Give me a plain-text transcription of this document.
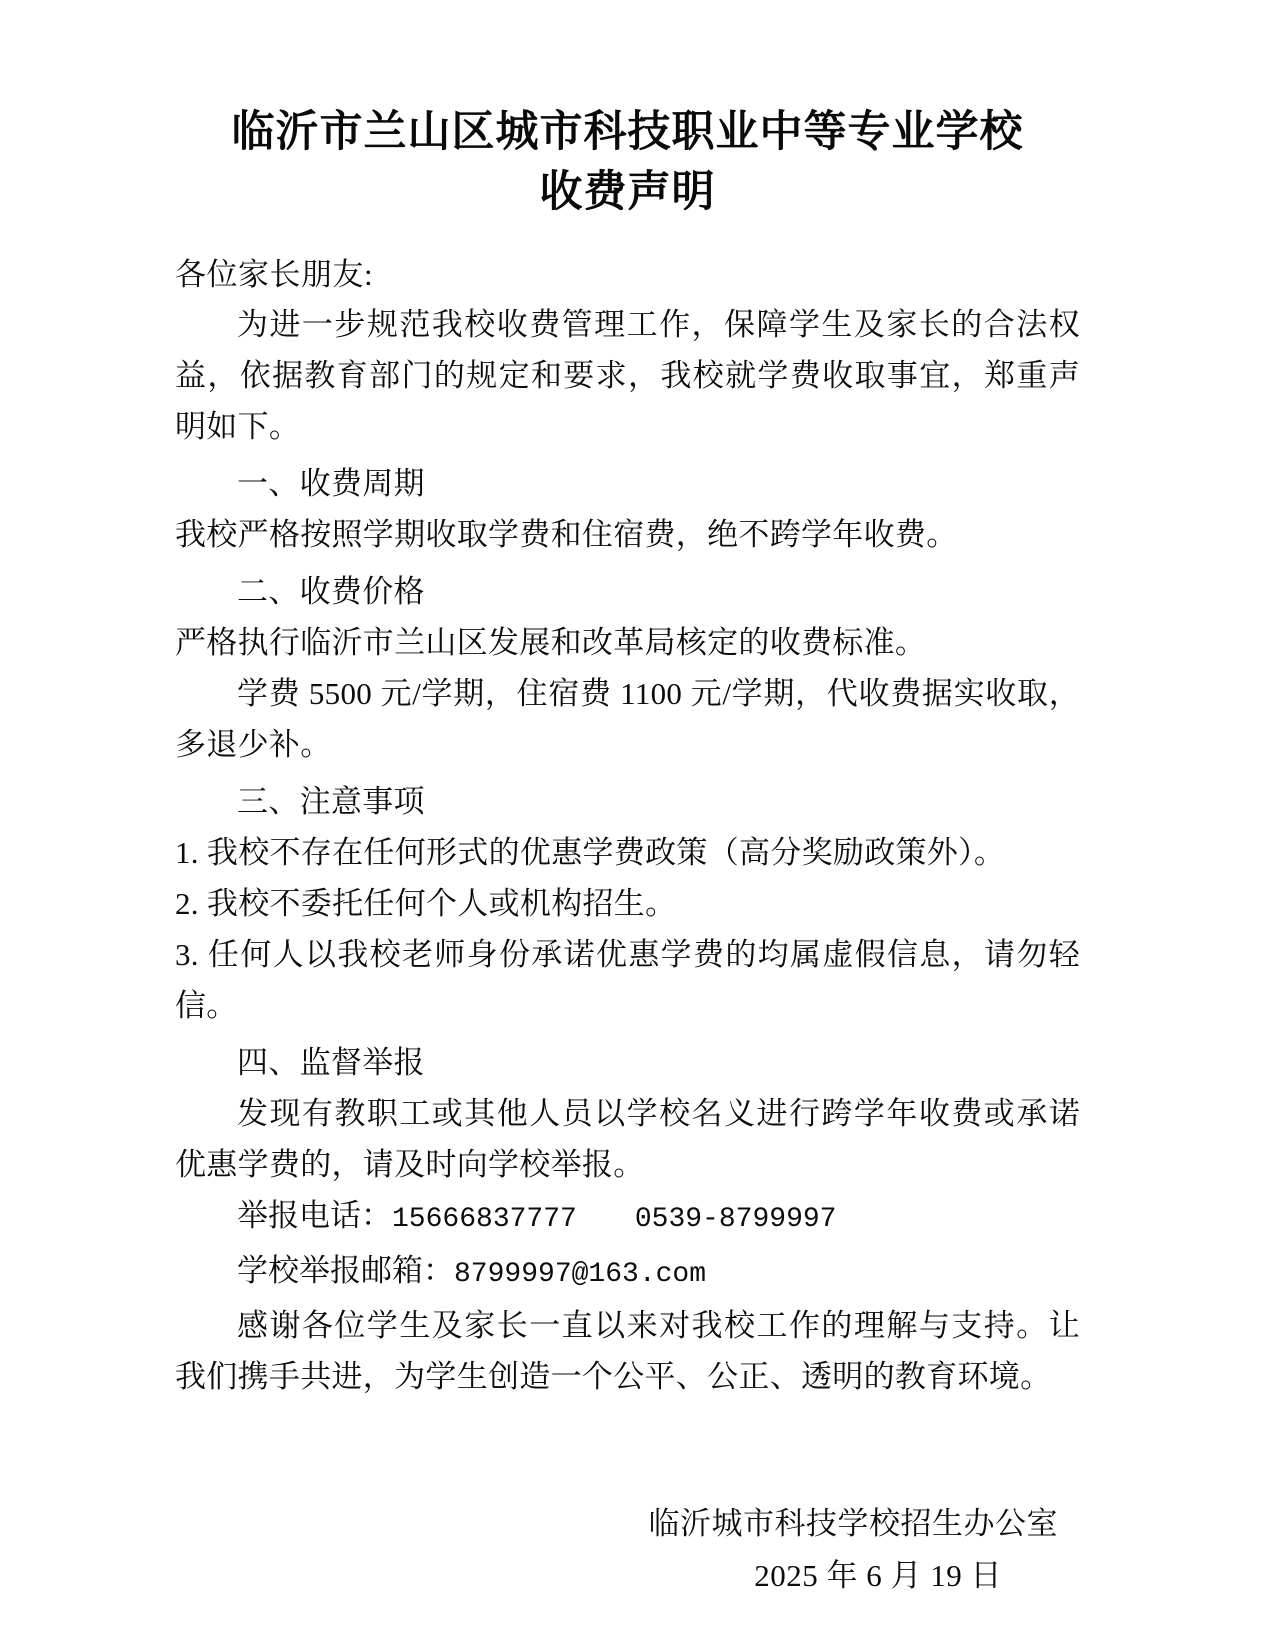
临沂市兰山区城市科技职业中等专业学校
收费声明
各位家长朋友:

为进一步规范我校收费管理工作，保障学生及家长的合法权益，依据教育部门的规定和要求，我校就学费收取事宜，郑重声明如下。

一、收费周期

我校严格按照学期收取学费和住宿费，绝不跨学年收费。

二、收费价格

严格执行临沂市兰山区发展和改革局核定的收费标准。

学费 5500 元/学期，住宿费 1100 元/学期，代收费据实收取，多退少补。

三、注意事项

1. 我校不存在任何形式的优惠学费政策（高分奖励政策外）。

2. 我校不委托任何个人或机构招生。

3. 任何人以我校老师身份承诺优惠学费的均属虚假信息，请勿轻信。

四、监督举报

发现有教职工或其他人员以学校名义进行跨学年收费或承诺优惠学费的，请及时向学校举报。

举报电话：15666837777 0539-8799997

学校举报邮箱：8799997@163.com

感谢各位学生及家长一直以来对我校工作的理解与支持。让我们携手共进，为学生创造一个公平、公正、透明的教育环境。

临沂城市科技学校招生办公室
2025 年 6 月 19 日
